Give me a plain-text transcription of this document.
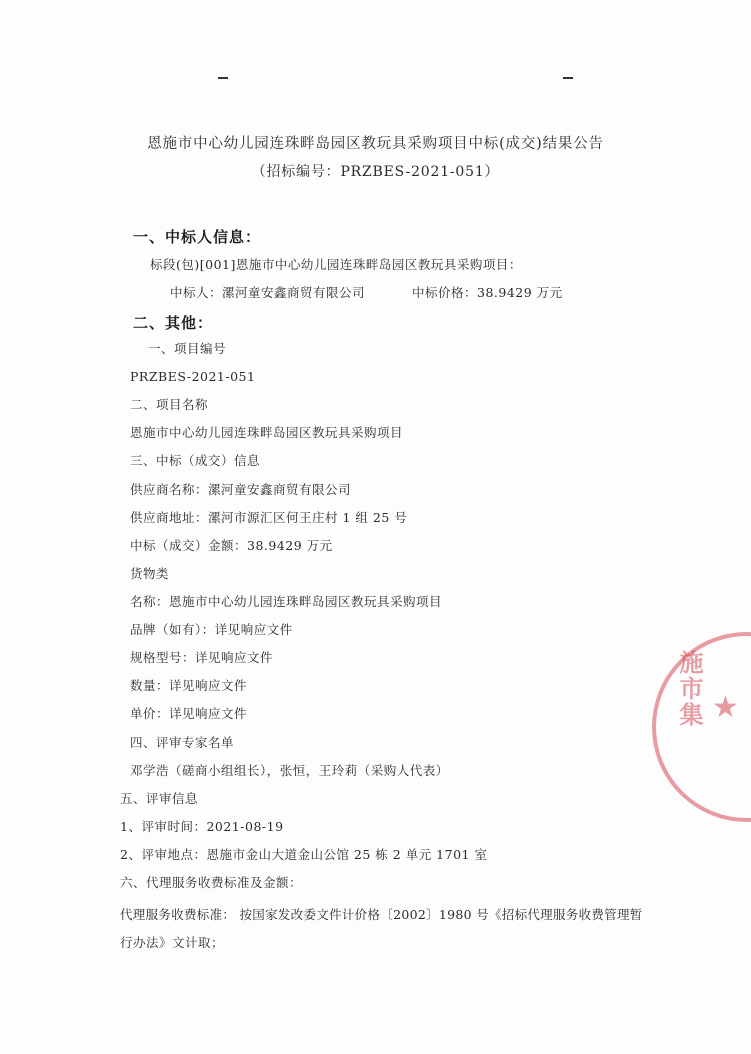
恩施市中心幼儿园连珠畔岛园区教玩具采购项目中标(成交)结果公告
（招标编号：PRZBES-2021-051）
一、中标人信息：
标段(包)[001]恩施市中心幼儿园连珠畔岛园区教玩具采购项目：
中标人：漯河童安鑫商贸有限公司	中标价格：38.9429 万元
二、其他：
一、项目编号
PRZBES-2021-051
二、项目名称
恩施市中心幼儿园连珠畔岛园区教玩具采购项目
三、中标（成交）信息
供应商名称：漯河童安鑫商贸有限公司
供应商地址：漯河市源汇区何王庄村 1 组 25 号
中标（成交）金额：38.9429 万元
货物类
名称：恩施市中心幼儿园连珠畔岛园区教玩具采购项目
品牌（如有）：详见响应文件
规格型号：详见响应文件
数量：详见响应文件
单价：详见响应文件
四、评审专家名单
邓学浩（磋商小组组长），张恒，王玲莉（采购人代表）
五、评审信息
1、评审时间：2021-08-19
2、评审地点：恩施市金山大道金山公馆 25 栋 2 单元 1701 室
六、代理服务收费标准及金额：
代理服务收费标准： 按国家发改委文件计价格〔2002〕1980 号《招标代理服务收费管理暂
行办法》文计取；
施市集 ★
